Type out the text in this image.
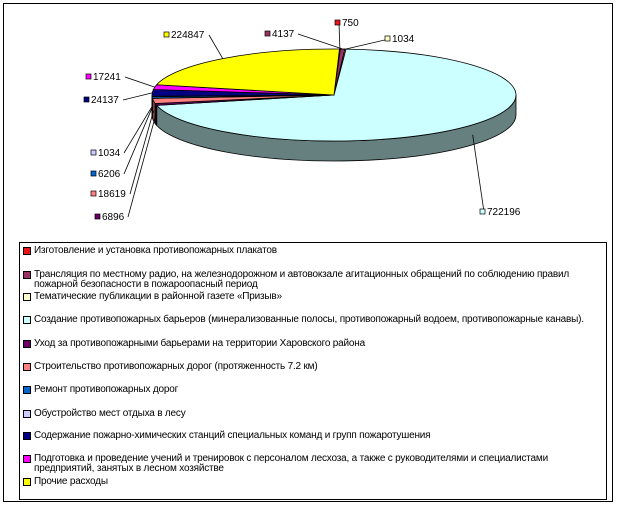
750
4137	1034
722196
6896
18619
6206
1034
24137
17241
224847
Изготовление и установка противопожарных плакатов
Трансляция по местному радио, на железнодорожном и автовокзале агитационных обращений по соблюдению правил пожарной безопасности в пожароопасный период
Тематические публикации в районной газете «Призыв»
Создание противопожарных барьеров (минерализованные полосы, противопожарный водоем, противопожарные канавы).
Уход за противопожарными барьерами на территории Харовского района
Строительство противопожарных дорог (протяженность 7.2 км)
Ремонт противопожарных дорог
Обустройство мест отдыха в лесу
Содержание пожарно-химических станций специальных команд и групп пожаротушения
Подготовка и проведение учений и тренировок с персоналом лесхоза, а также с руководителями и специалистами предприятий, занятых в лесном хозяйстве
Прочие расходы
